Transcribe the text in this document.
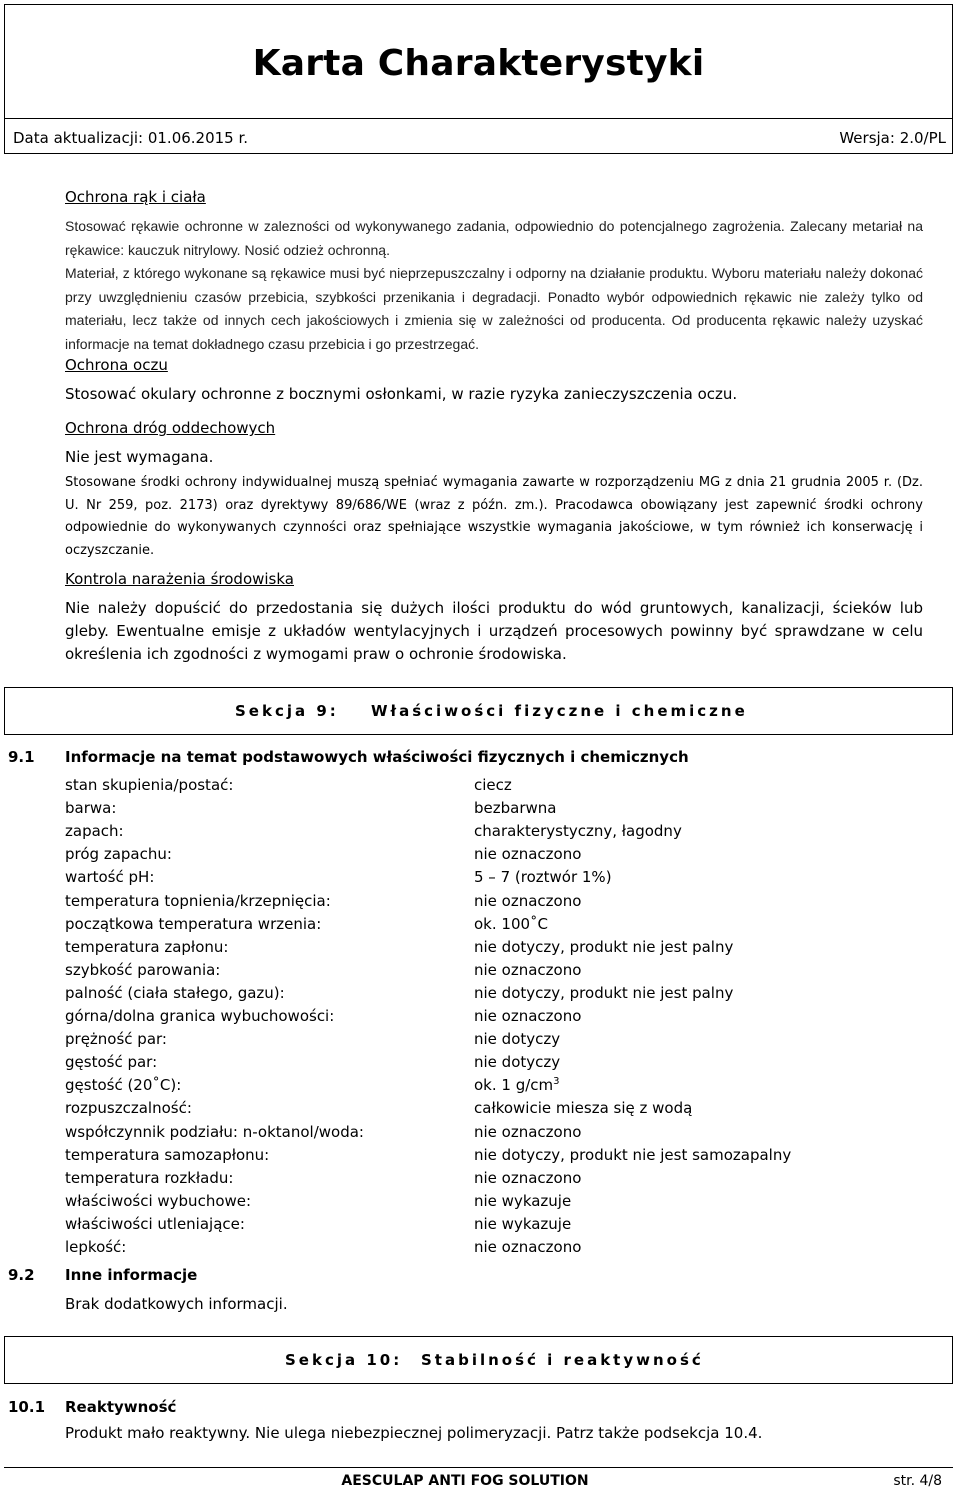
Karta Charakterystyki
Data aktualizacji: 01.06.2015 r.	Wersja: 2.0/PL
Ochrona rąk i ciała
Stosować rękawie ochronne w zalezności od wykonywanego zadania, odpowiednio do potencjalnego zagrożenia. Zalecany metariał na rękawice: kauczuk nitrylowy. Nosić odzież ochronną.
Materiał, z którego wykonane są rękawice musi być nieprzepuszczalny i odporny na działanie produktu. Wyboru materiału należy dokonać przy uwzględnieniu czasów przebicia, szybkości przenikania i degradacji. Ponadto wybór odpowiednich rękawic nie zależy tylko od materiału, lecz także od innych cech jakościowych i zmienia się w zależności od producenta. Od producenta rękawic należy uzyskać informacje na temat dokładnego czasu przebicia i go przestrzegać.
Ochrona oczu
Stosować okulary ochronne z bocznymi osłonkami, w razie ryzyka zanieczyszczenia oczu.
Ochrona dróg oddechowych
Nie jest wymagana.
Stosowane środki ochrony indywidualnej muszą spełniać wymagania zawarte w rozporządzeniu MG z dnia 21 grudnia 2005 r. (Dz. U. Nr 259, poz. 2173) oraz dyrektywy 89/686/WE (wraz z późn. zm.). Pracodawca obowiązany jest zapewnić środki ochrony odpowiednie do wykonywanych czynności oraz spełniające wszystkie wymagania jakościowe, w tym również ich konserwację i oczyszczanie.
Kontrola narażenia środowiska
Nie należy dopuścić do przedostania się dużych ilości produktu do wód gruntowych, kanalizacji, ścieków lub gleby. Ewentualne emisje z układów wentylacyjnych i urządzeń procesowych powinny być sprawdzane w celu określenia ich zgodności z wymogami praw o ochronie środowiska.
Sekcja 9: Właściwości fizyczne i chemiczne
9.1 Informacje na temat podstawowych właściwości fizycznych i chemicznych
stan skupienia/postać:	ciecz
barwa:	bezbarwna
zapach:	charakterystyczny, łagodny
próg zapachu:	nie oznaczono
wartość pH:	5 – 7 (roztwór 1%)
temperatura topnienia/krzepnięcia:	nie oznaczono
początkowa temperatura wrzenia:	ok. 100˚C
temperatura zapłonu:	nie dotyczy, produkt nie jest palny
szybkość parowania:	nie oznaczono
palność (ciała stałego, gazu):	nie dotyczy, produkt nie jest palny
górna/dolna granica wybuchowości:	nie oznaczono
prężność par:	nie dotyczy
gęstość par:	nie dotyczy
gęstość (20˚C):	ok. 1 $g/cm^3$
rozpuszczalność:	całkowicie miesza się z wodą
współczynnik podziału: n-oktanol/woda:	nie oznaczono
temperatura samozapłonu:	nie dotyczy, produkt nie jest samozapalny
temperatura rozkładu:	nie oznaczono
właściwości wybuchowe:	nie wykazuje
właściwości utleniające:	nie wykazuje
lepkość:	nie oznaczono
9.2 Inne informacje
Brak dodatkowych informacji.
Sekcja 10: Stabilność i reaktywność
10.1 Reaktywność
Produkt mało reaktywny. Nie ulega niebezpiecznej polimeryzacji. Patrz także podsekcja 10.4.
AESCULAP ANTI FOG SOLUTION	str. 4/8
